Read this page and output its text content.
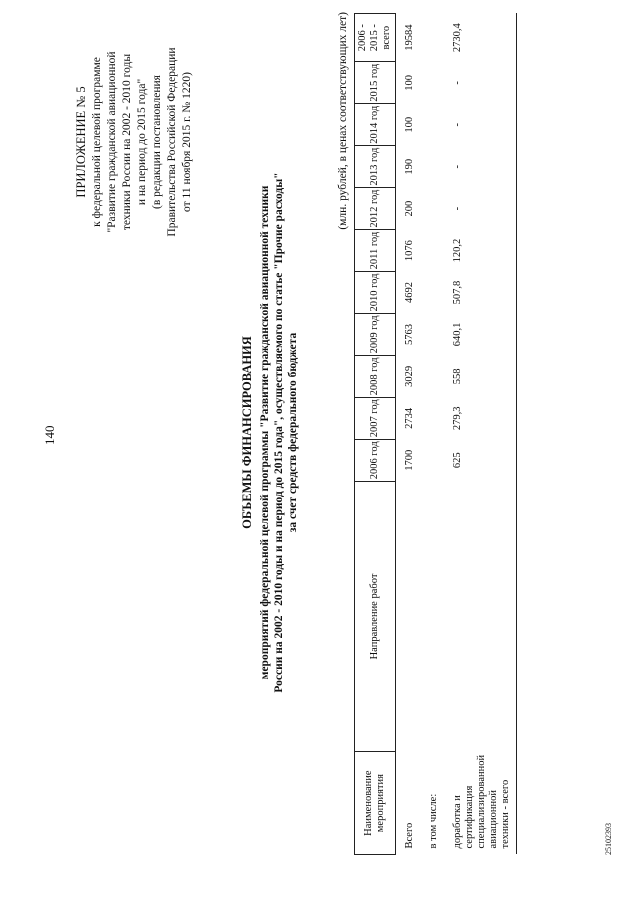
140
ПРИЛОЖЕНИЕ № 5 к федеральной целевой программе "Развитие гражданской авиационной техники России на 2002 - 2010 годы и на период до 2015 года" (в редакции постановления Правительства Российской Федерации от 11 ноября 2015 г. № 1220)
ОБЪЕМЫ ФИНАНСИРОВАНИЯ мероприятий федеральной целевой программы "Развитие гражданской авиационной техники России на 2002 - 2010 годы и на период до 2015 года", осуществляемого по статье "Прочие расходы" за счет средств федерального бюджета
(млн. рублей, в ценах соответствующих лет)
Наименование мероприятия	Направление работ	2006 год	2007 год	2008 год	2009 год	2010 год	2011 год	2012 год	2013 год	2014 год	2015 год	2006 - 2015 - всего
Всего		1700	2734	3029	5763	4692	1076	200	190	100	100	19584
в том числе:												
доработка и сертификация специализированной авиационной техники - всего		625	279,3	558	640,1	507,8	120,2	-	-	-	-	2730,4
25102393
